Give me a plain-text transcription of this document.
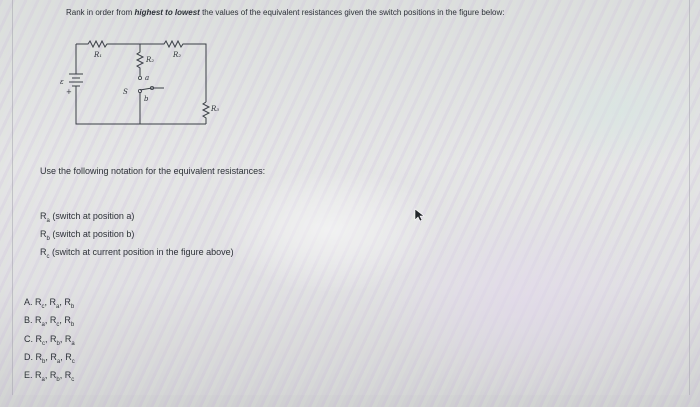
Rank in order from highest to lowest the values of the equivalent resistances given the switch positions in the figure below:
R₁
R₂
R₂
R₃
ε
+	S
a
b
Use the following notation for the equivalent resistances:
$R_a$ (switch at position a)
$R_b$ (switch at position b)
$R_c$ (switch at current position in the figure above)
A. $R_c$, $R_a$, $R_b$
B. $R_a$, $R_c$, $R_b$
C. $R_c$, $R_b$, $R_a$
D. $R_b$, $R_a$, $R_c$
E. $R_a$, $R_b$, $R_c$
